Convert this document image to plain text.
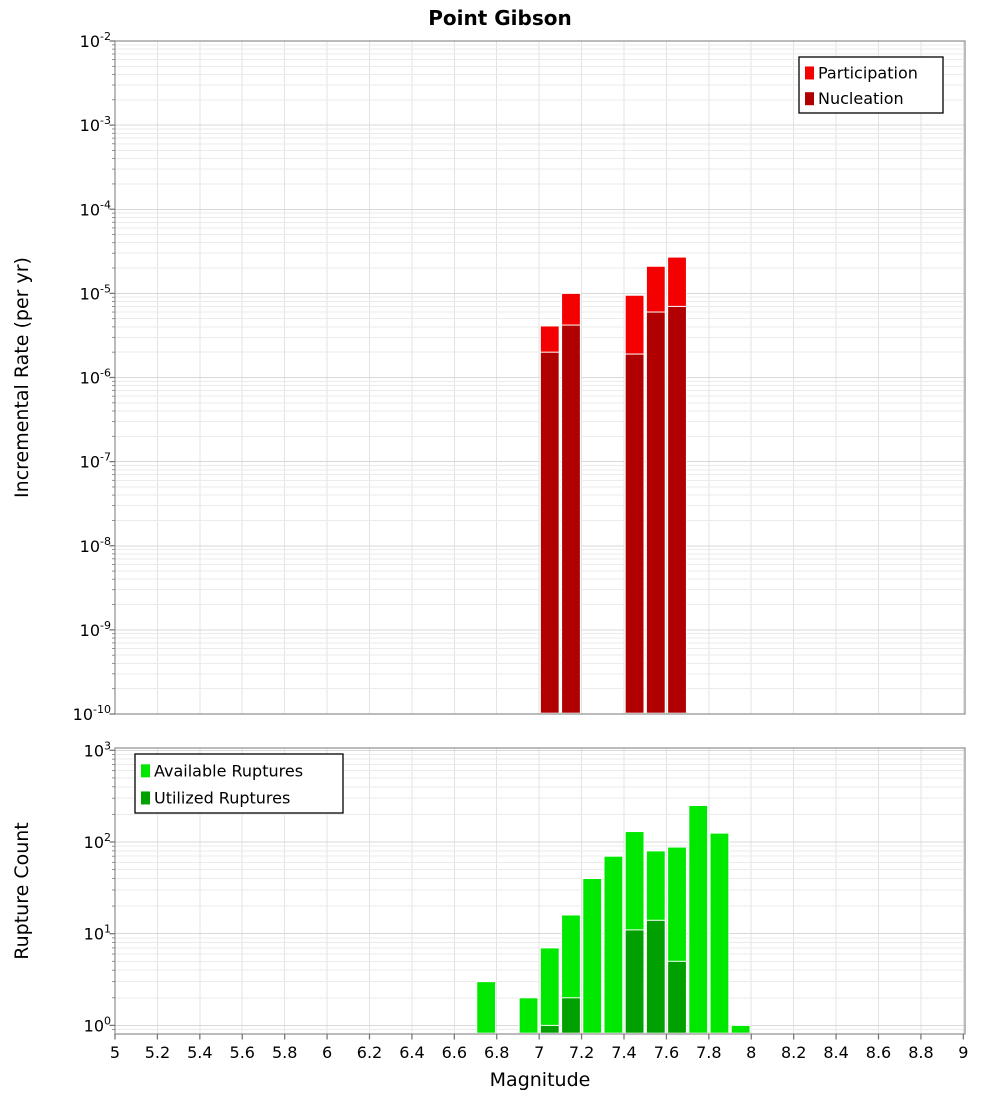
$10^{-2}$
$10^{-3}$
$10^{-4}$
$10^{-5}$
$10^{-6}$
$10^{-7}$
$10^{-8}$
$10^{-9}$
$10^{-10}$
$10^3$
$10^2$
$10^1$
$10^0$
5 5.2 5.4 5.6 5.8 6 6.2 6.4 6.6 6.8 7 7.2 7.4 7.6 7.8 8 8.2 8.4 8.6 8.8 9
Participation
Nucleation
Available Ruptures
Utilized Ruptures
Point Gibson
Incremental Rate (per yr)
Rupture Count
Magnitude
